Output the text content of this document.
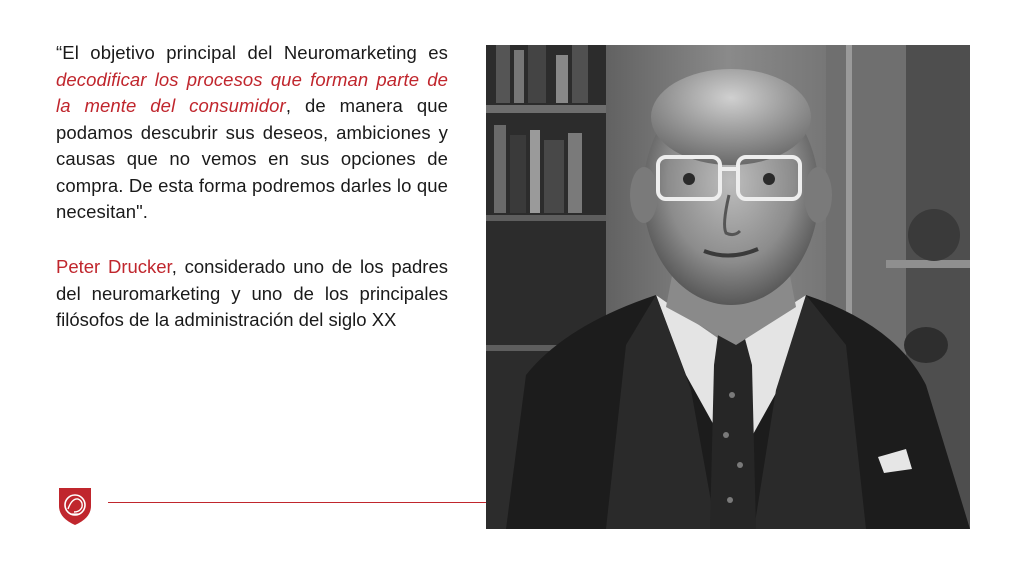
“El objetivo principal del Neuromarketing es decodificar los procesos que forman parte de la mente del consumidor, de manera que podamos descubrir sus deseos, ambiciones y causas que no vemos en sus opciones de compra. De esta forma podremos darles lo que necesitan".

Peter Drucker, considerado uno de los padres del neuromarketing y uno de los principales filósofos de la administración del siglo XX
